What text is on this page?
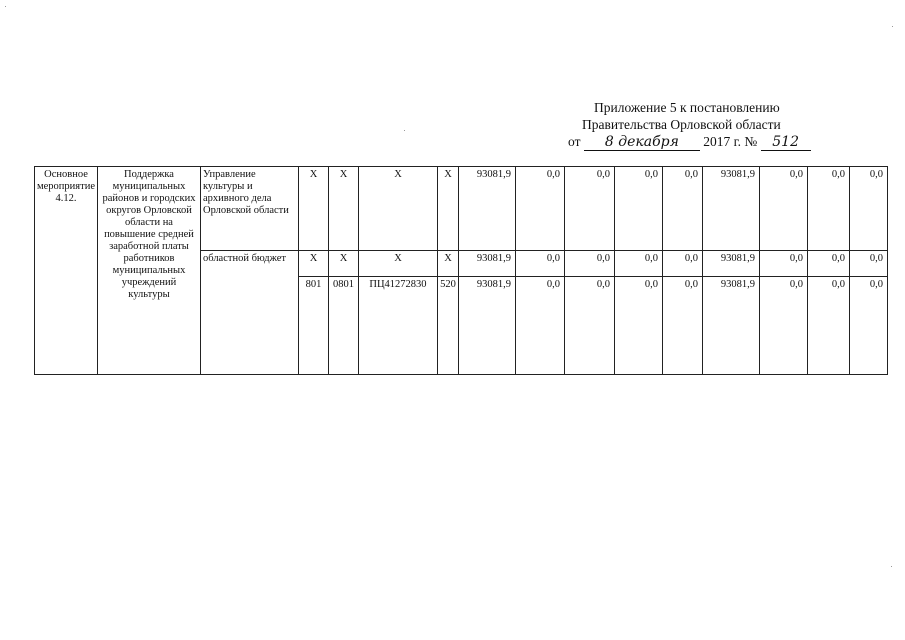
Приложение 5 к постановлению
Правительства Орловской области
от 8 декабря 2017 г. № 512
Основное мероприятие 4.12.	Поддержка муниципальных районов и городских округов Орловской области на повышение средней заработной платы работников муниципальных учреждений культуры	Управление культуры и архивного дела Орловской области	Х	Х	Х	Х	93081,9	0,0	0,0	0,0	0,0	93081,9	0,0	0,0	0,0
		областной бюджет	Х	Х	Х	Х	93081,9	0,0	0,0	0,0	0,0	93081,9	0,0	0,0	0,0
			801	0801	ПЦ41272830	520	93081,9	0,0	0,0	0,0	0,0	93081,9	0,0	0,0	0,0
